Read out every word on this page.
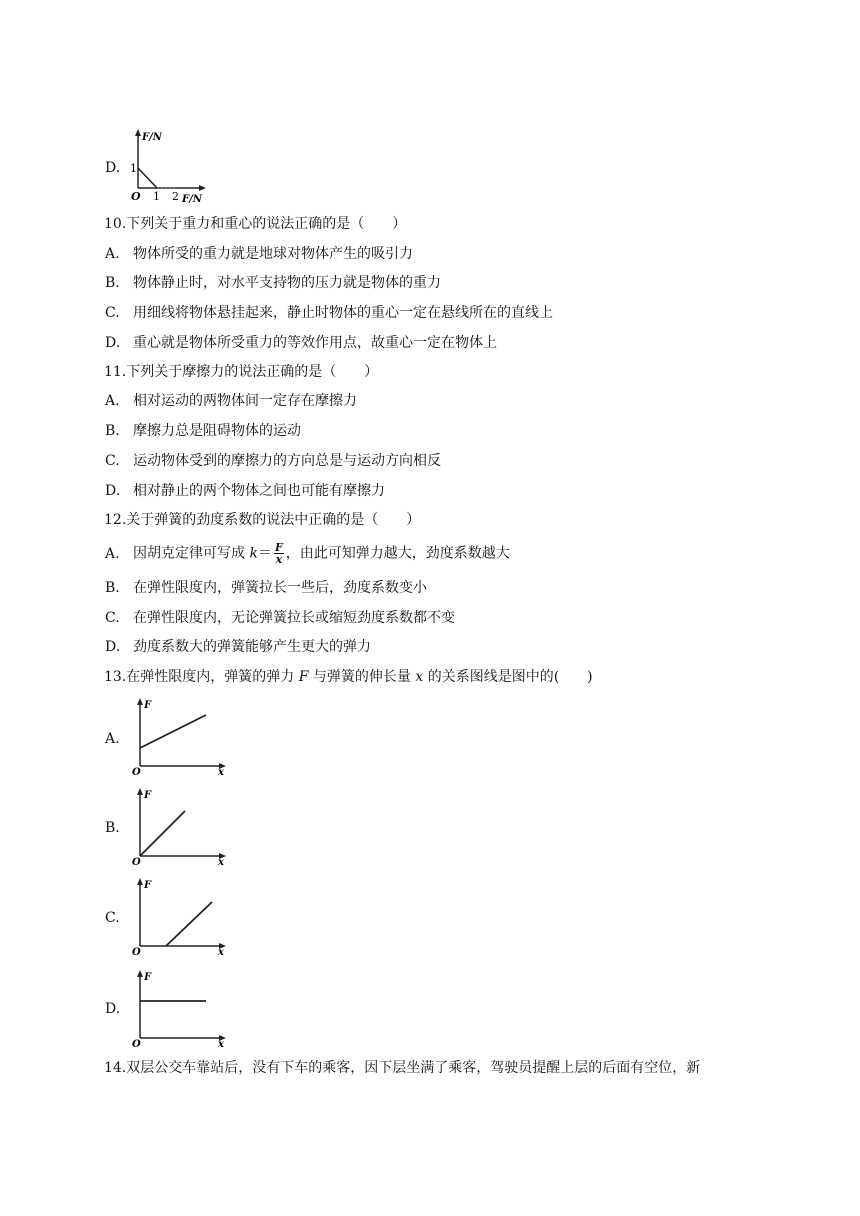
D.
F/N
1
O 1 2 F/N
10.下列关于重力和重心的说法正确的是（　　）
A. 物体所受的重力就是地球对物体产生的吸引力
B. 物体静止时，对水平支持物的压力就是物体的重力
C. 用细线将物体悬挂起来，静止时物体的重心一定在悬线所在的直线上
D. 重心就是物体所受重力的等效作用点，故重心一定在物体上
11.下列关于摩擦力的说法正确的是（　　）
A. 相对运动的两物体间一定存在摩擦力
B. 摩擦力总是阻碍物体的运动
C. 运动物体受到的摩擦力的方向总是与运动方向相反
D. 相对静止的两个物体之间也可能有摩擦力
12.关于弹簧的劲度系数的说法中正确的是（　　）
A. 因胡克定律可写成 $k= \frac{F}{x}$ ，由此可知弹力越大，劲度系数越大
B. 在弹性限度内，弹簧拉长一些后，劲度系数变小
C. 在弹性限度内，无论弹簧拉长或缩短劲度系数都不变
D. 劲度系数大的弹簧能够产生更大的弹力
13.在弹性限度内，弹簧的弹力 F 与弹簧的伸长量 x 的关系图线是图中的(　　)
A.
F
O	x
B.
F
O	x
C.
F
O	x
D.
F
O	x
14.双层公交车靠站后，没有下车的乘客，因下层坐满了乘客，驾驶员提醒上层的后面有空位，新
